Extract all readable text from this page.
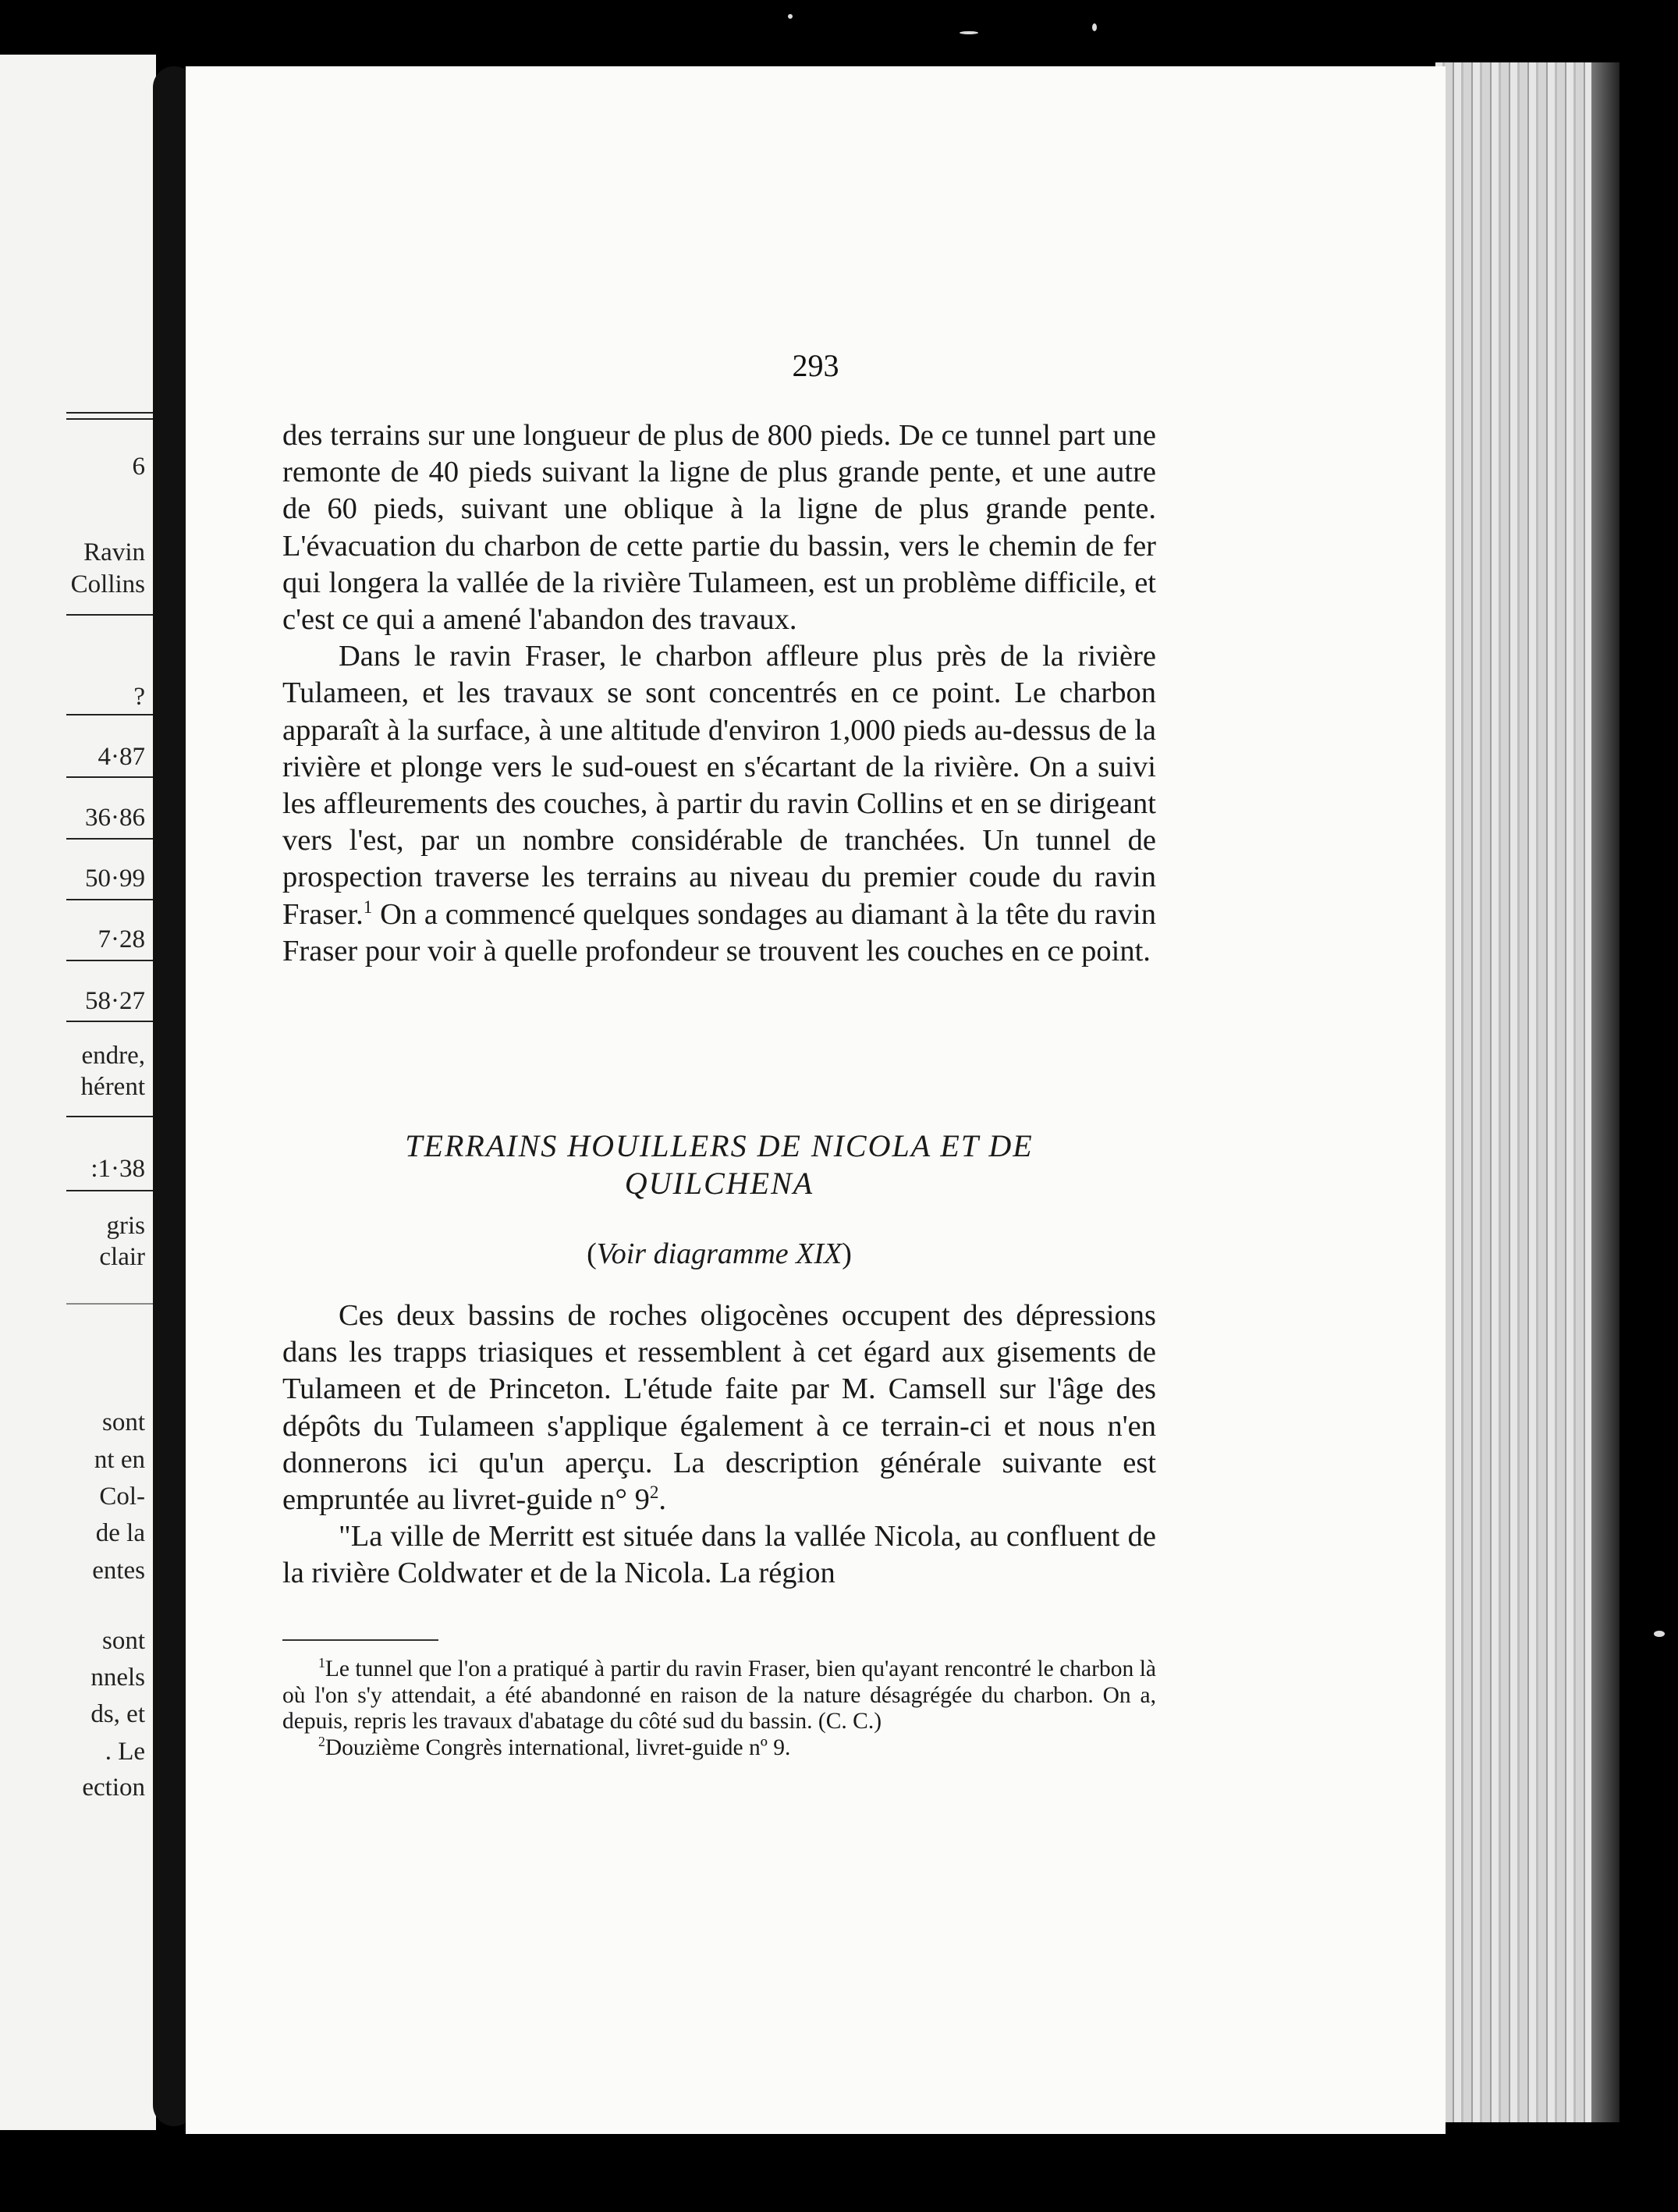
6
Ravin
Collins
?
4·87
36·86
50·99
7·28
58·27
endre,
hérent
:1·38
gris
clair
sont
nt en
Col-
de la
entes
sont
nnels
ds, et
. Le
ection
293

des terrains sur une longueur de plus de 800 pieds. De ce tunnel part une remonte de 40 pieds suivant la ligne de plus grande pente, et une autre de 60 pieds, suivant une oblique à la ligne de plus grande pente. L'évacuation du charbon de cette partie du bassin, vers le chemin de fer qui longera la vallée de la rivière Tulameen, est un problème difficile, et c'est ce qui a amené l'abandon des travaux.

Dans le ravin Fraser, le charbon affleure plus près de la rivière Tulameen, et les travaux se sont concentrés en ce point. Le charbon apparaît à la surface, à une altitude d'environ 1,000 pieds au-dessus de la rivière et plonge vers le sud-ouest en s'écartant de la rivière. On a suivi les affleurements des couches, à partir du ravin Collins et en se dirigeant vers l'est, par un nombre considérable de tranchées. Un tunnel de prospection traverse les terrains au niveau du premier coude du ravin Fraser.$^1$ On a commencé quelques sondages au diamant à la tête du ravin Fraser pour voir à quelle profondeur se trouvent les couches en ce point.

TERRAINS HOUILLERS DE NICOLA ET DE
QUILCHENA
(Voir diagramme XIX)

Ces deux bassins de roches oligocènes occupent des dépressions dans les trapps triasiques et ressemblent à cet égard aux gisements de Tulameen et de Princeton. L'étude faite par M. Camsell sur l'âge des dépôts du Tulameen s'applique également à ce terrain-ci et nous n'en donnerons ici qu'un aperçu. La description générale suivante est empruntée au livret-guide n° $9^2$.

"La ville de Merritt est située dans la vallée Nicola, au confluent de la rivière Coldwater et de la Nicola. La région

$^1$Le tunnel que l'on a pratiqué à partir du ravin Fraser, bien qu'ayant rencontré le charbon là où l'on s'y attendait, a été abandonné en raison de la nature désagrégée du charbon. On a, depuis, repris les travaux d'abatage du côté sud du bassin. (C. C.)

$^2$Douzième Congrès international, livret-guide nº 9.
